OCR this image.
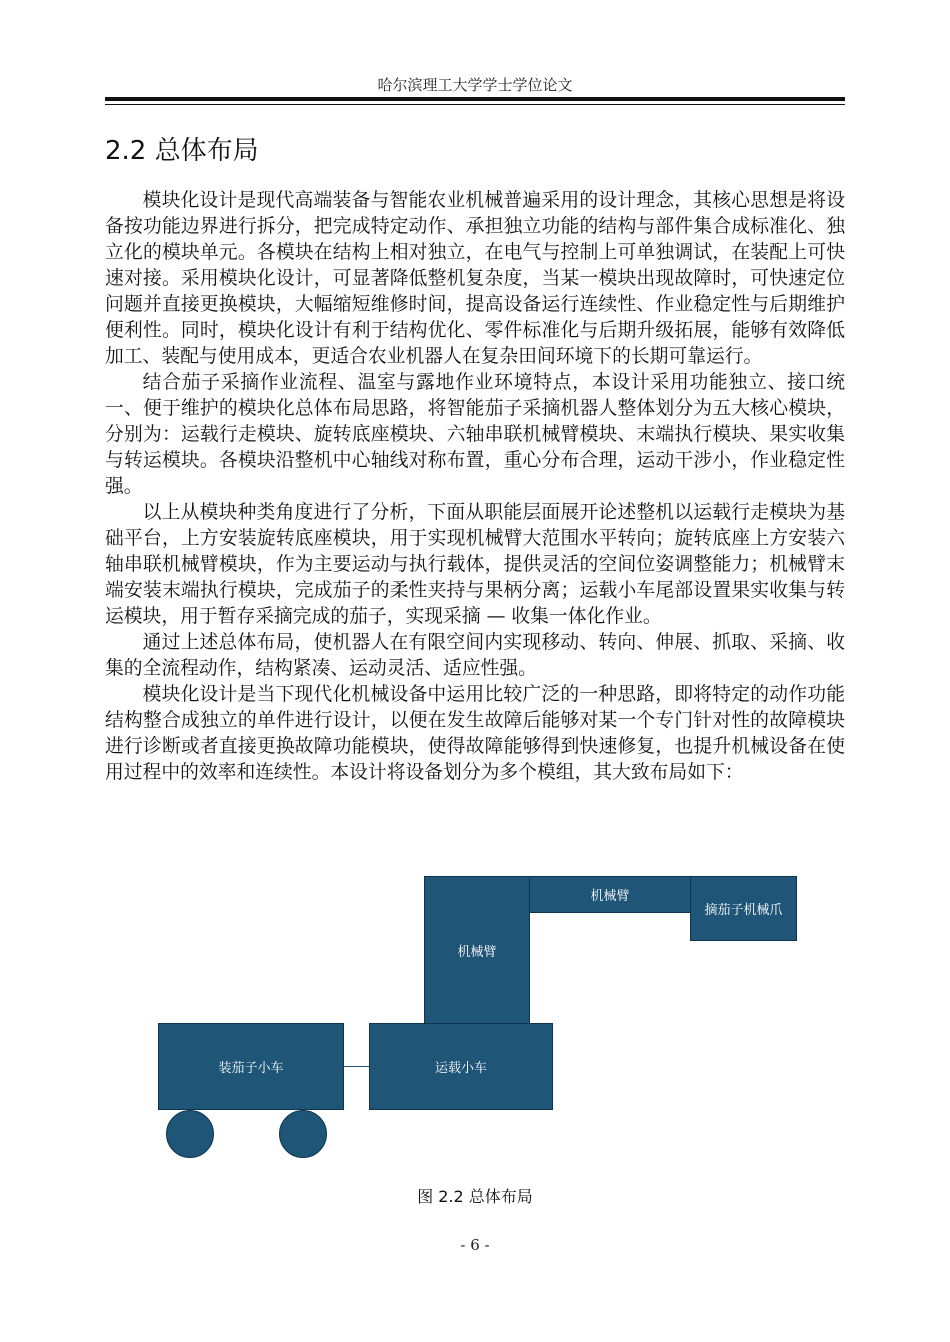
哈尔滨理工大学学士学位论文
2.2 总体布局

模块化设计是现代高端装备与智能农业机械普遍采用的设计理念，其核心思想是将设备按功能边界进行拆分，把完成特定动作、承担独立功能的结构与部件集合成标准化、独立化的模块单元。各模块在结构上相对独立，在电气与控制上可单独调试，在装配上可快速对接。采用模块化设计，可显著降低整机复杂度，当某一模块出现故障时，可快速定位问题并直接更换模块，大幅缩短维修时间，提高设备运行连续性、作业稳定性与后期维护便利性。同时，模块化设计有利于结构优化、零件标准化与后期升级拓展，能够有效降低加工、装配与使用成本，更适合农业机器人在复杂田间环境下的长期可靠运行。

结合茄子采摘作业流程、温室与露地作业环境特点，本设计采用功能独立、接口统一、便于维护的模块化总体布局思路，将智能茄子采摘机器人整体划分为五大核心模块，分别为：运载行走模块、旋转底座模块、六轴串联机械臂模块、末端执行模块、果实收集与转运模块。各模块沿整机中心轴线对称布置，重心分布合理，运动干涉小，作业稳定性强。

以上从模块种类角度进行了分析，下面从职能层面展开论述整机以运载行走模块为基础平台，上方安装旋转底座模块，用于实现机械臂大范围水平转向；旋转底座上方安装六轴串联机械臂模块，作为主要运动与执行载体，提供灵活的空间位姿调整能力；机械臂末端安装末端执行模块，完成茄子的柔性夹持与果柄分离；运载小车尾部设置果实收集与转运模块，用于暂存采摘完成的茄子，实现采摘 — 收集一体化作业。

通过上述总体布局，使机器人在有限空间内实现移动、转向、伸展、抓取、采摘、收集的全流程动作，结构紧凑、运动灵活、适应性强。

模块化设计是当下现代化机械设备中运用比较广泛的一种思路，即将特定的动作功能结构整合成独立的单件进行设计，以便在发生故障后能够对某一个专门针对性的故障模块进行诊断或者直接更换故障功能模块，使得故障能够得到快速修复，也提升机械设备在使用过程中的效率和连续性。本设计将设备划分为多个模组，其大致布局如下：

机械臂
机械臂
摘茄子机械爪
装茄子小车	运载小车
图 2.2 总体布局
- 6 -
